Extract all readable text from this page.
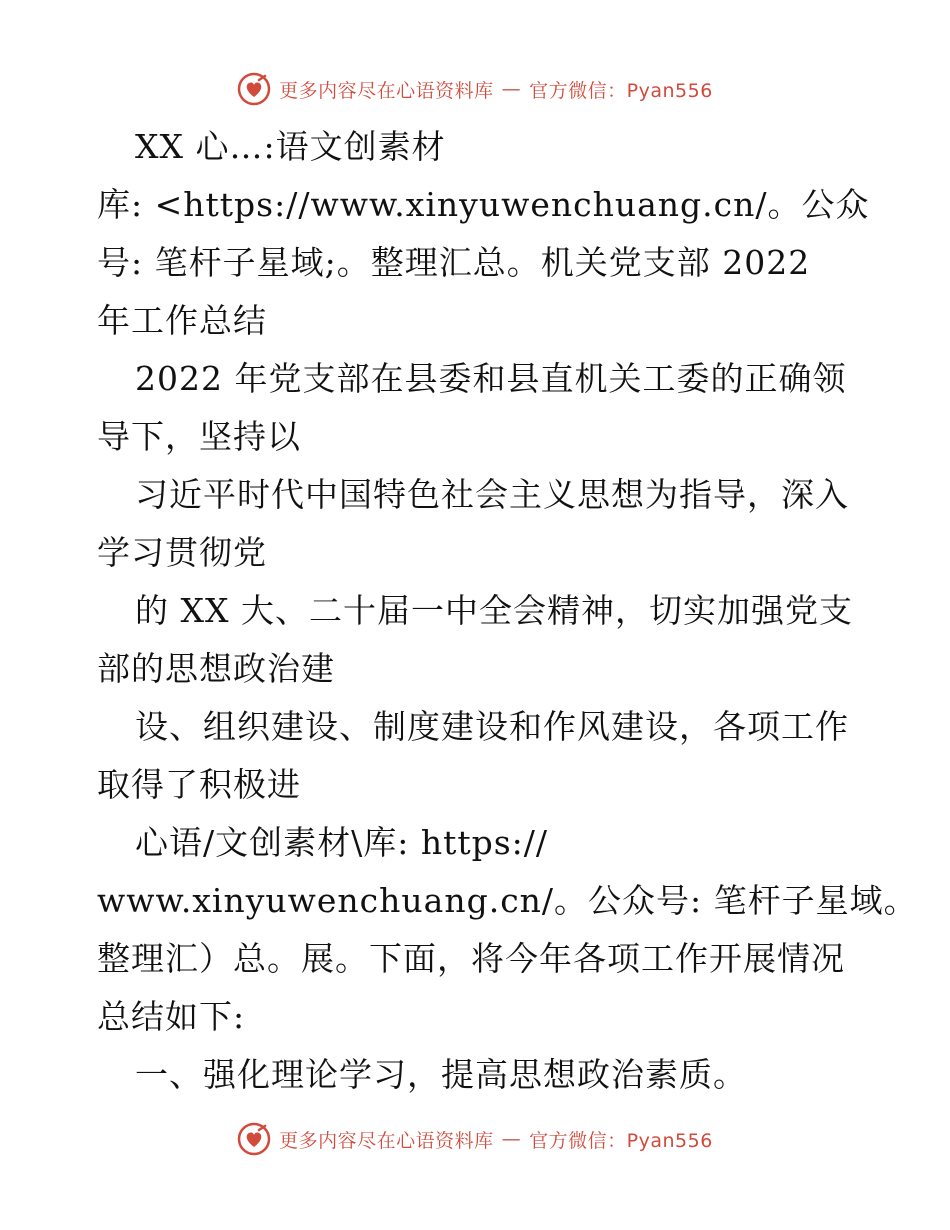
更多内容尽在心语资料库 — 官方微信：Pyan556
XX 心…:语文创素材
库: <https://www.xinyuwenchuang.cn/。公众
号: 笔杆子星域;。整理汇总。机关党支部 2022
年工作总结
2022 年党支部在县委和县直机关工委的正确领
导下，坚持以
习近平时代中国特色社会主义思想为指导，深入
学习贯彻党
的 XX 大、二十届一中全会精神，切实加强党支
部的思想政治建
设、组织建设、制度建设和作风建设，各项工作
取得了积极进
心语/文创素材\库: https://
www.xinyuwenchuang.cn/。公众号: 笔杆子星域。
整理汇）总。展。下面，将今年各项工作开展情况
总结如下:
一、强化理论学习，提高思想政治素质。
更多内容尽在心语资料库 — 官方微信：Pyan556
